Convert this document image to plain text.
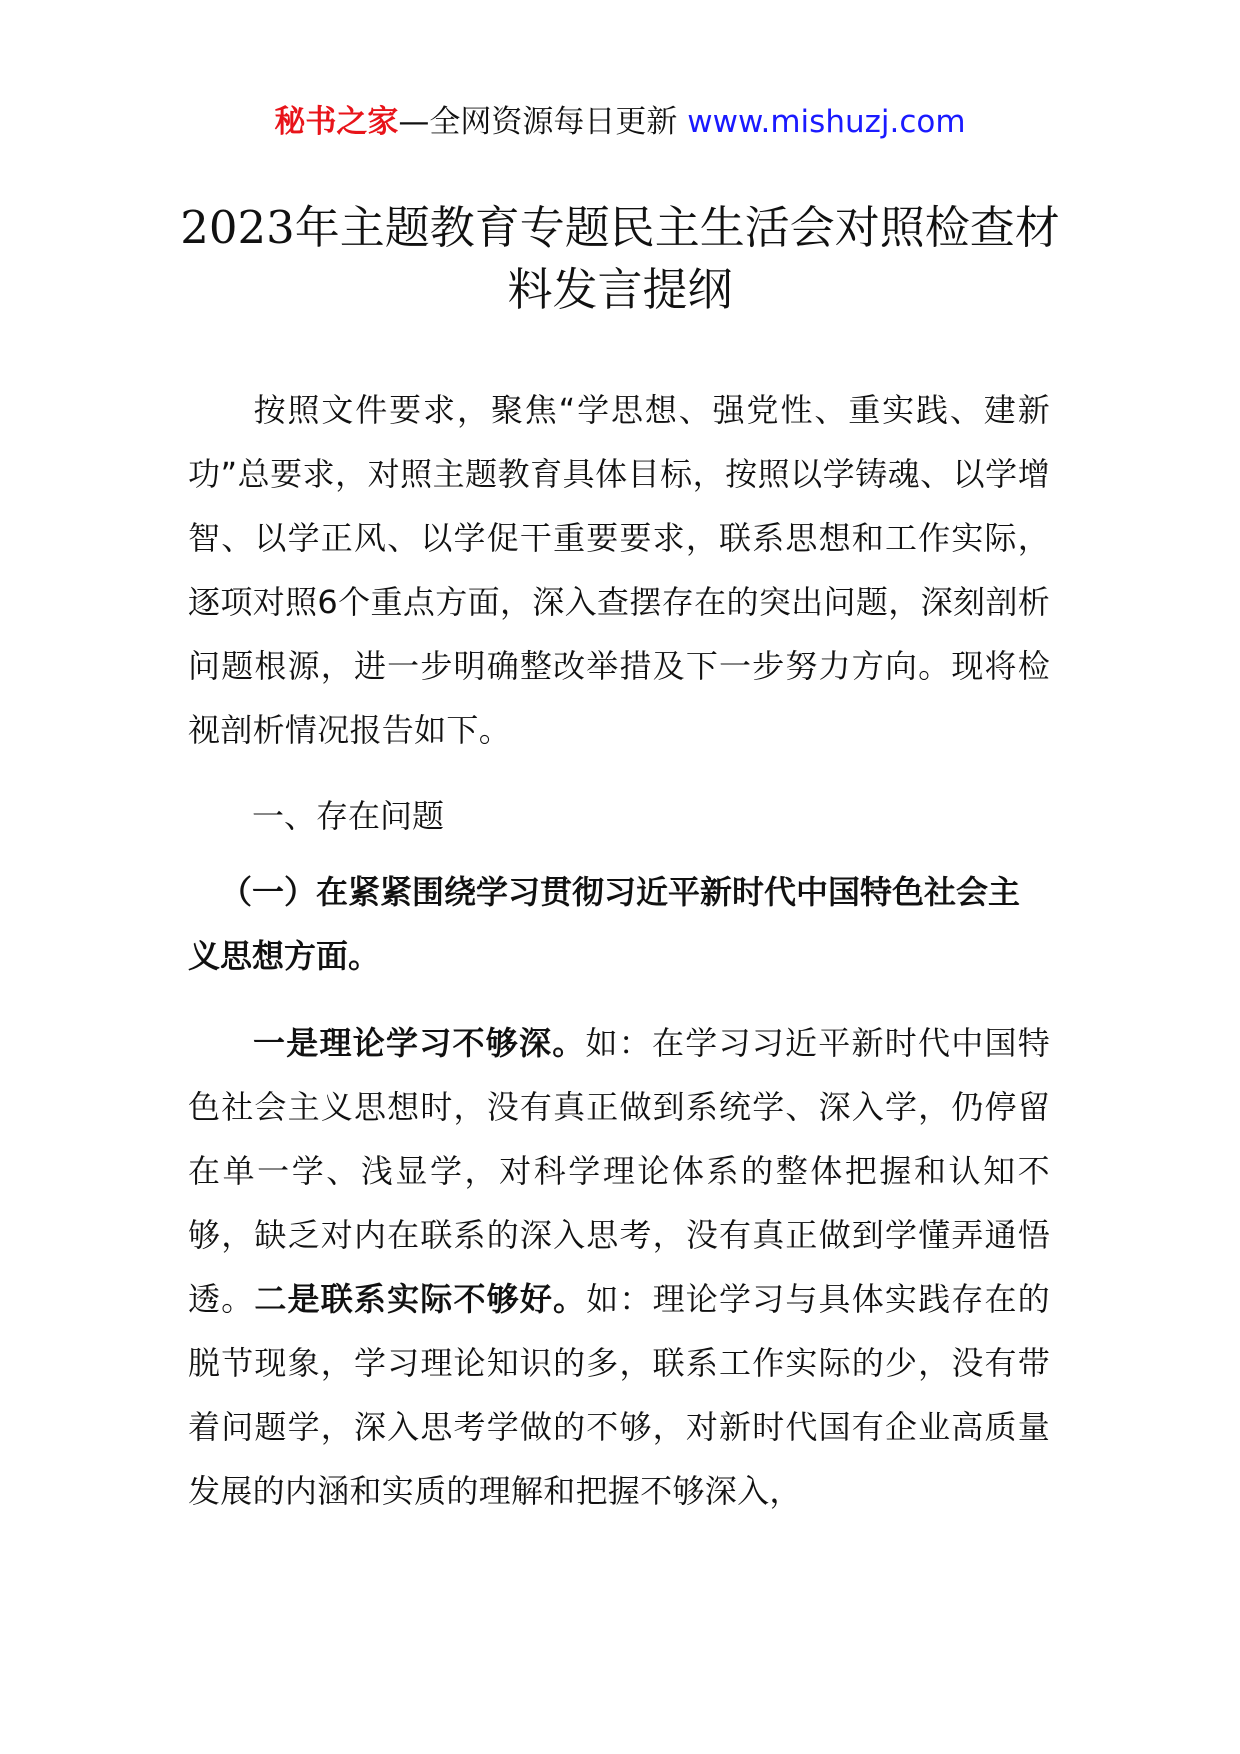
秘书之家—全网资源每日更新 www.mishuzj.com
2023年主题教育专题民主生活会对照检查材料发言提纲
按照文件要求，聚焦“学思想、强党性、重实践、建新功”总要求，对照主题教育具体目标，按照以学铸魂、以学增智、以学正风、以学促干重要要求，联系思想和工作实际，逐项对照6个重点方面，深入查摆存在的突出问题，深刻剖析问题根源，进一步明确整改举措及下一步努力方向。现将检视剖析情况报告如下。
一、存在问题
（一）在紧紧围绕学习贯彻习近平新时代中国特色社会主义思想方面。
一是理论学习不够深。如：在学习习近平新时代中国特色社会主义思想时，没有真正做到系统学、深入学，仍停留在单一学、浅显学，对科学理论体系的整体把握和认知不够，缺乏对内在联系的深入思考，没有真正做到学懂弄通悟透。二是联系实际不够好。如：理论学习与具体实践存在的脱节现象，学习理论知识的多，联系工作实际的少，没有带着问题学，深入思考学做的不够，对新时代国有企业高质量发展的内涵和实质的理解和把握不够深入，
